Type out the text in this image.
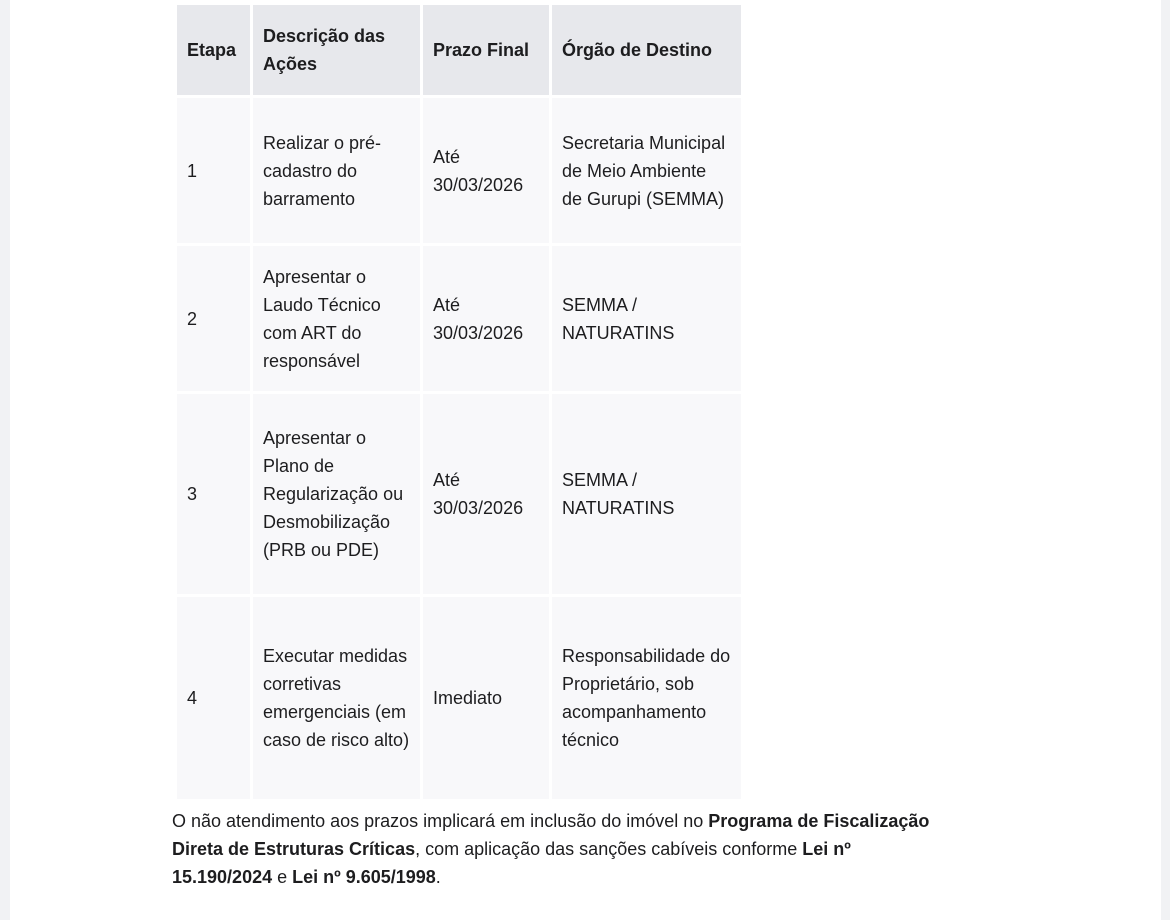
Etapa	Descrição das Ações	Prazo Final	Órgão de Destino
1	Realizar o pré-cadastro do barramento	Até 30/03/2026	Secretaria Municipal de Meio Ambiente de Gurupi (SEMMA)
2	Apresentar o Laudo Técnico com ART do responsável	Até 30/03/2026	SEMMA / NATURATINS
3	Apresentar o Plano de Regularização ou Desmobilização (PRB ou PDE)	Até 30/03/2026	SEMMA / NATURATINS
4	Executar medidas corretivas emergenciais (em caso de risco alto)	Imediato	Responsabilidade do Proprietário, sob acompanhamento técnico

O não atendimento aos prazos implicará em inclusão do imóvel no Programa de Fiscalização Direta de Estruturas Críticas, com aplicação das sanções cabíveis conforme Lei nº 15.190/2024 e Lei nº 9.605/1998.
